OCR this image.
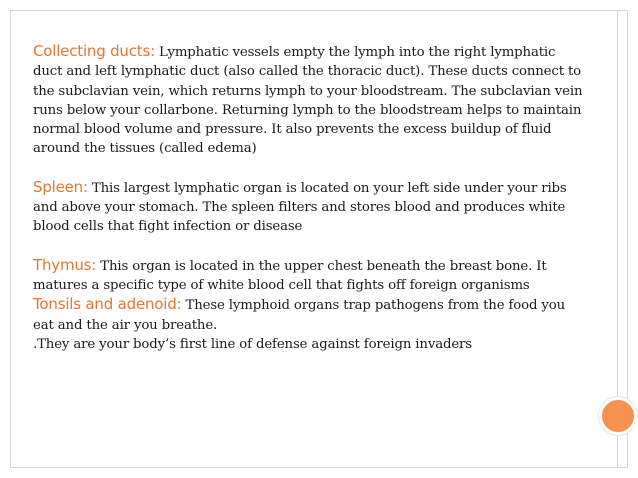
Collecting ducts: Lymphatic vessels empty the lymph into the right lymphatic duct and left lymphatic duct (also called the thoracic duct). These ducts connect to the subclavian vein, which returns lymph to your bloodstream. The subclavian vein runs below your collarbone. Returning lymph to the bloodstream helps to maintain normal blood volume and pressure. It also prevents the excess buildup of fluid around the tissues (called edema)

Spleen: This largest lymphatic organ is located on your left side under your ribs and above your stomach. The spleen filters and stores blood and produces white blood cells that fight infection or disease

Thymus: This organ is located in the upper chest beneath the breast bone. It matures a specific type of white blood cell that fights off foreign organisms

Tonsils and adenoid: These lymphoid organs trap pathogens from the food you eat and the air you breathe.

.They are your body’s first line of defense against foreign invaders
